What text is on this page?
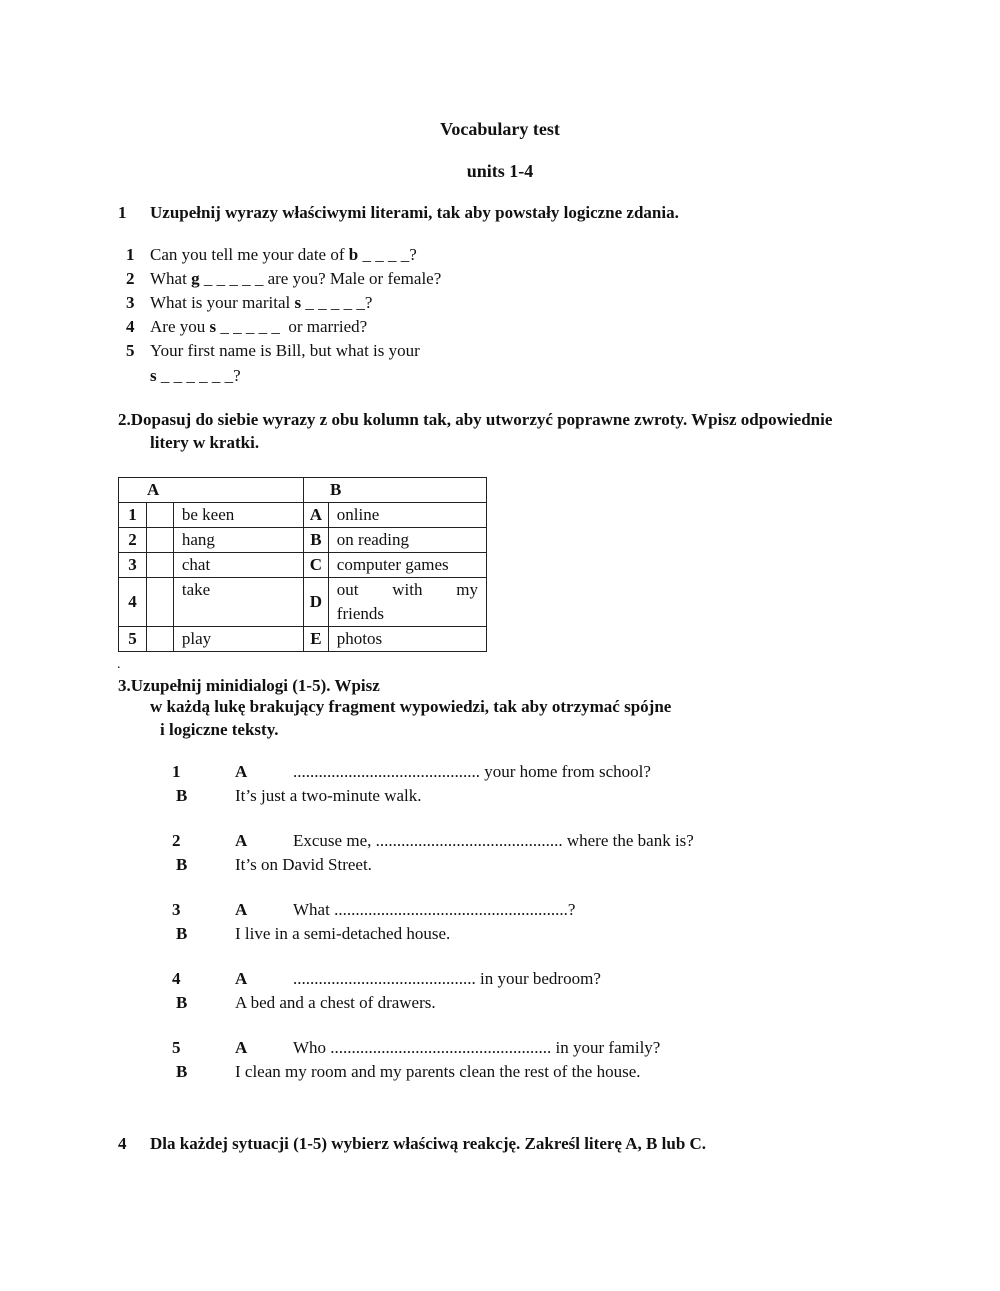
Vocabulary test
units 1-4
1 Uzupełnij wyrazy właściwymi literami, tak aby powstały logiczne zdania.
1 Can you tell me your date of b _ _ _ _?
2 What g _ _ _ _ _ are you? Male or female?
3 What is your marital s _ _ _ _ _?
4 Are you s _ _ _ _ _  or married?
5 Your first name is Bill, but what is your
s _ _ _ _ _ _?
2.Dopasuj do siebie wyrazy z obu kolumn tak, aby utworzyć poprawne zwroty. Wpisz odpowiednie
litery w kratki.
A			B	
1		be keen	A	online
2		hang	B	on reading
3		chat	C	computer games
4		take	D	out with my
friends

5		play	E	photos
.
3.Uzupełnij minidialogi (1-5). Wpisz
w każdą lukę brakujący fragment wypowiedzi, tak aby otrzymać spójne
i logiczne teksty.
1	A	............................................ your home from school?
B	It’s just a two-minute walk.
2	A	Excuse me, ............................................ where the bank is?
B	It’s on David Street.
3	A	What .......................................................?
B	I live in a semi-detached house.
4	A	........................................... in your bedroom?
B	A bed and a chest of drawers.
5	A	Who .................................................... in your family?
B	I clean my room and my parents clean the rest of the house.
4 Dla każdej sytuacji (1-5) wybierz właściwą reakcję. Zakreśl literę A, B lub C.
